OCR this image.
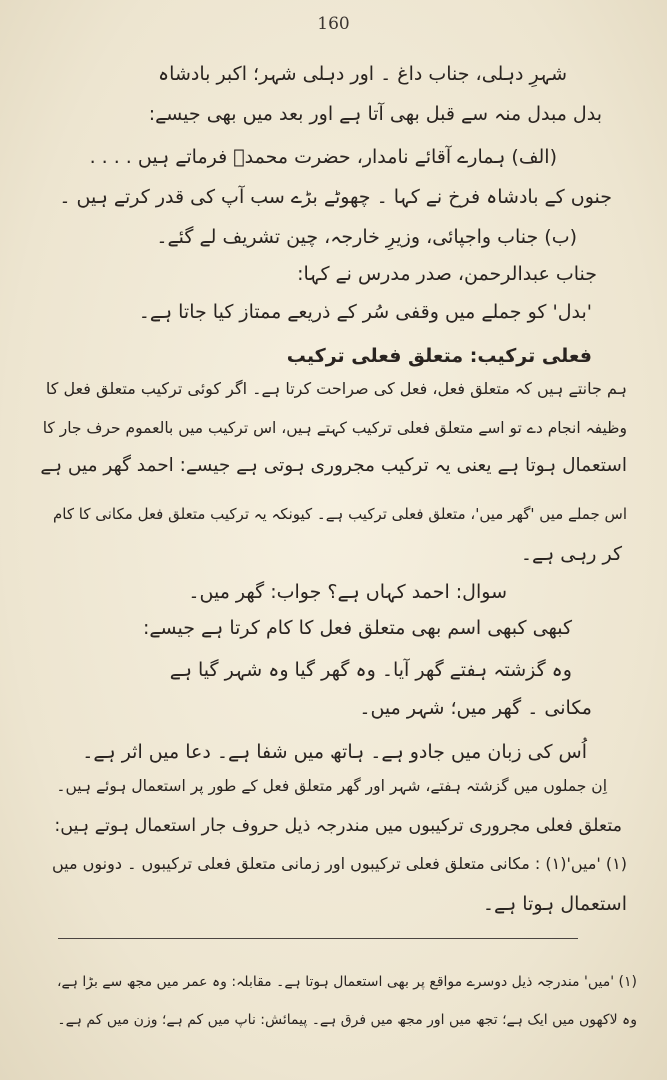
160
شہرِ دہلی، جناب داغ ۔ اور دہلی شہر؛ اکبر بادشاہ
بدل مبدل منہ سے قبل بھی آتا ہے اور بعد میں بھی جیسے:
(الف) ہمارے آقائے نامدار، حضرت محمدؐ فرماتے ہیں . . . .
جنوں کے بادشاہ فرخ نے کہا ۔ چھوٹے بڑے سب آپ کی قدر کرتے ہیں ۔
(ب) جناب واجپائی، وزیرِ خارجہ، چین تشریف لے گئے۔
جناب عبدالرحمن، صدر مدرس نے کہا:
'بدل' کو جملے میں وقفی سُر کے ذریعے ممتاز کیا جاتا ہے۔
فعلی ترکیب: متعلق فعلی ترکیب
ہم جانتے ہیں کہ متعلق فعل، فعل کی صراحت کرتا ہے۔ اگر کوئی ترکیب متعلق فعل کا
وظیفہ انجام دے تو اسے متعلق فعلی ترکیب کہتے ہیں، اس ترکیب میں بالعموم حرف جار کا
استعمال ہوتا ہے یعنی یہ ترکیب مجروری ہوتی ہے جیسے: احمد گھر میں ہے
اس جملے میں 'گھر میں'، متعلق فعلی ترکیب ہے۔ کیونکہ یہ ترکیب متعلق فعل مکانی کا کام
کر رہی ہے۔
سوال: احمد کہاں ہے؟ جواب: گھر میں۔
کبھی کبھی اسم بھی متعلق فعل کا کام کرتا ہے جیسے:
وہ گزشتہ ہفتے گھر آیا۔ وہ گھر گیا وہ شہر گیا ہے
مکانی ۔ گھر میں؛ شہر میں۔
اُس کی زبان میں جادو ہے۔ ہاتھ میں شفا ہے۔ دعا میں اثر ہے۔
اِن جملوں میں گزشتہ ہفتے، شہر اور گھر متعلق فعل کے طور پر استعمال ہوئے ہیں۔
متعلق فعلی مجروری ترکیبوں میں مندرجہ ذیل حروف جار استعمال ہوتے ہیں:
(۱) 'میں'(۱) : مکانی متعلق فعلی ترکیبوں اور زمانی متعلق فعلی ترکیبوں ۔ دونوں میں
استعمال ہوتا ہے۔
(۱) 'میں' مندرجہ ذیل دوسرے مواقع پر بھی استعمال ہوتا ہے۔ مقابلہ: وہ عمر میں مجھ سے بڑا ہے،
وہ لاکھوں میں ایک ہے؛ تجھ میں اور مجھ میں فرق ہے۔ پیمائش: ناپ میں کم ہے؛ وزن میں کم ہے۔
